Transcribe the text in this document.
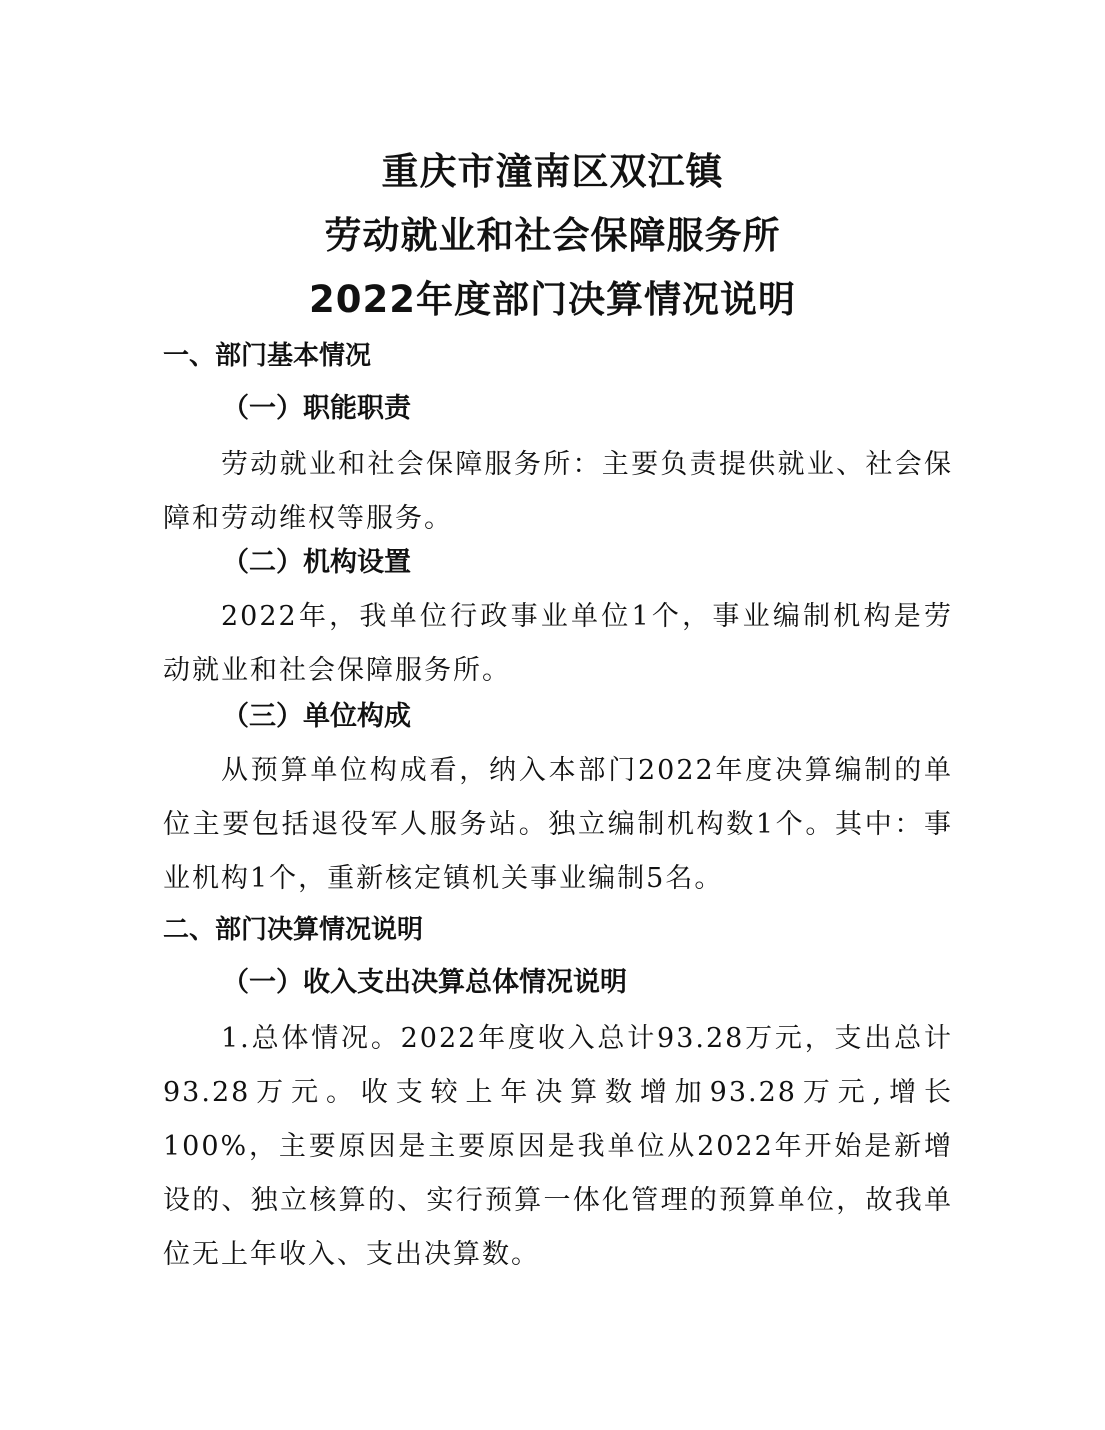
重庆市潼南区双江镇
劳动就业和社会保障服务所
2022年度部门决算情况说明
一、部门基本情况
（一）职能职责
劳动就业和社会保障服务所：主要负责提供就业、社会保障和劳动维权等服务。
（二）机构设置
2022年，我单位行政事业单位1个，事业编制机构是劳动就业和社会保障服务所。
（三）单位构成
从预算单位构成看，纳入本部门2022年度决算编制的单位主要包括退役军人服务站。独立编制机构数1个。其中：事业机构1个，重新核定镇机关事业编制5名。
二、部门决算情况说明
（一）收入支出决算总体情况说明
1.总体情况。2022年度收入总计93.28万元，支出总计93.28万元。收支较上年决算数增加93.28万元,增长100%，主要原因是主要原因是我单位从2022年开始是新增设的、独立核算的、实行预算一体化管理的预算单位，故我单位无上年收入、支出决算数。
